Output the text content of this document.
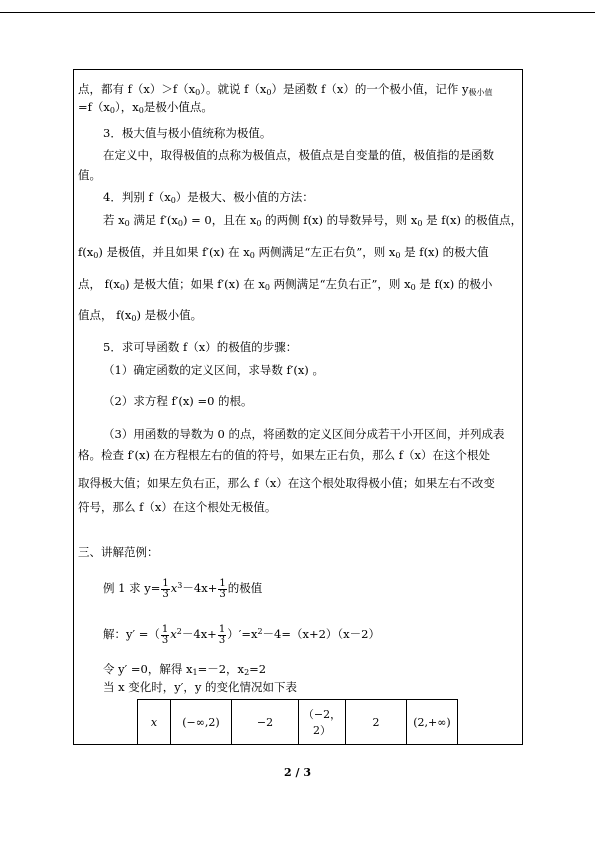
点，都有 $f(x)>f(x_0)$。就说 $f(x_0)$是函数 f（x）的一个极小值，记作 $y_{极小值}$
$=f(x_0)$，$x_0$是极小值点。
3．极大值与极小值统称为极值。
在定义中，取得极值的点称为极值点，极值点是自变量的值，极值指的是函数
值。
4．判别 $f(x_0)$是极大、极小值的方法：
若 $x_0$ 满足 $f'(x_0) = 0$，且在 $x_0$ 的两侧 f(x) 的导数异号，则 $x_0$ 是 f(x) 的极值点，
$f(x_0)$ 是极值，并且如果 f′(x) 在 $x_0$ 两侧满足“左正右负”，则 $x_0$ 是 f(x) 的极大值
点， $f(x_0)$ 是极大值；如果 f′(x) 在 $x_0$ 两侧满足“左负右正”，则 $x_0$ 是 f(x) 的极小
值点， $f(x_0)$ 是极小值。
5．求可导函数 f（x）的极值的步骤：
（1）确定函数的定义区间，求导数 f′(x) 。
（2）求方程 f′(x) =0 的根。
（3）用函数的导数为 0 的点，将函数的定义区间分成若干小开区间，并列成表
格。检查 f′(x) 在方程根左右的值的符号，如果左正右负，那么 f（x）在这个根处
取得极大值；如果左负右正，那么 f（x）在这个根处取得极小值；如果左右不改变
符号，那么 f（x）在这个根处无极值。
三、讲解范例：
例 1 求 $y= \frac{1}{3} x^3-4x+ \frac{1}{3}$ 的极值
解：y′ =（ $\frac{1}{3} x^2-4x+ \frac{1}{3} )'=x^2-4=(x+2)(x-2)$
令 y′ =0，解得 $x_1=-2$，$x_2=2$
当 x 变化时，y′，y 的变化情况如下表
x	(−∞,2)	−2	（−2，2）	2	(2,+∞)
2 / 3
